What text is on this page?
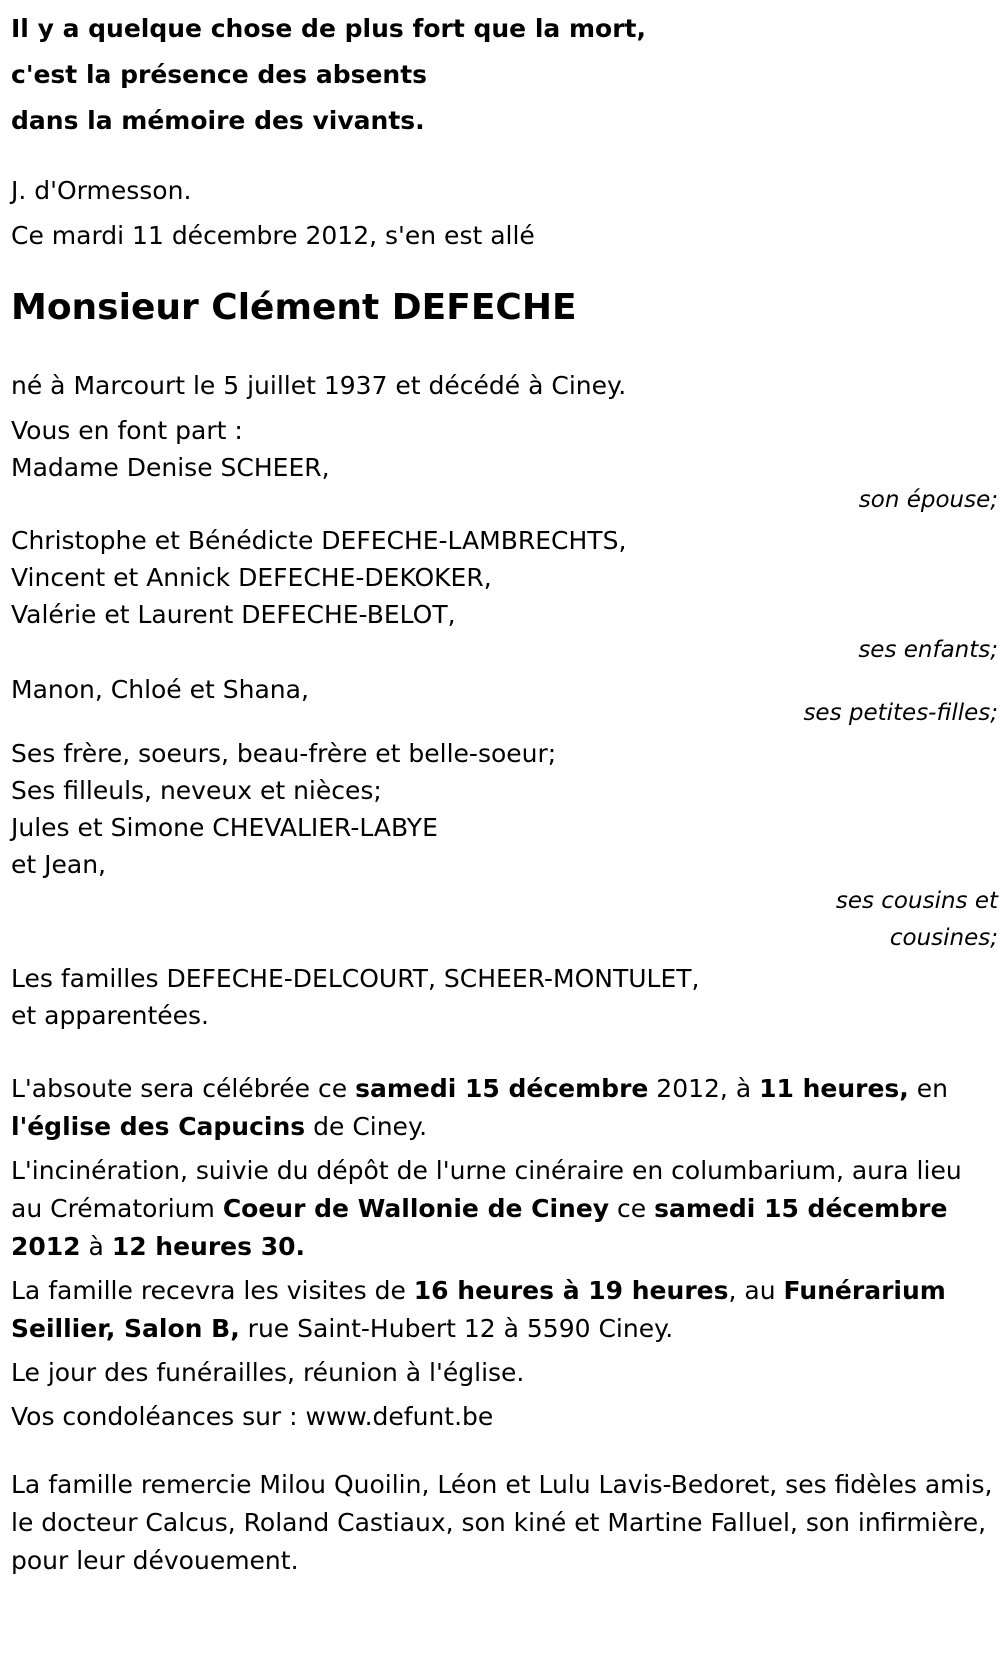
Il y a quelque chose de plus fort que la mort,

c'est la présence des absents

dans la mémoire des vivants.

J. d'Ormesson.

Ce mardi 11 décembre 2012, s'en est allé

Monsieur Clément DEFECHE

né à Marcourt le 5 juillet 1937 et décédé à Ciney.

Vous en font part :

Madame Denise SCHEER,

son épouse;

Christophe et Bénédicte DEFECHE-LAMBRECHTS,

Vincent et Annick DEFECHE-DEKOKER,

Valérie et Laurent DEFECHE-BELOT,

ses enfants;

Manon, Chloé et Shana,

ses petites-filles;

Ses frère, soeurs, beau-frère et belle-soeur;

Ses filleuls, neveux et nièces;

Jules et Simone CHEVALIER-LABYE

et Jean,

ses cousins et

cousines;

Les familles DEFECHE-DELCOURT, SCHEER-MONTULET,

et apparentées.

L'absoute sera célébrée ce samedi 15 décembre 2012, à 11 heures, en l'église des Capucins de Ciney.

L'incinération, suivie du dépôt de l'urne cinéraire en columbarium, aura lieu au Crématorium Coeur de Wallonie de Ciney ce samedi 15 décembre 2012 à 12 heures 30.

La famille recevra les visites de 16 heures à 19 heures, au Funérarium Seillier, Salon B, rue Saint-Hubert 12 à 5590 Ciney.

Le jour des funérailles, réunion à l'église.

Vos condoléances sur : www.defunt.be

La famille remercie Milou Quoilin, Léon et Lulu Lavis-Bedoret, ses fidèles amis, le docteur Calcus, Roland Castiaux, son kiné et Martine Falluel, son infirmière, pour leur dévouement.
